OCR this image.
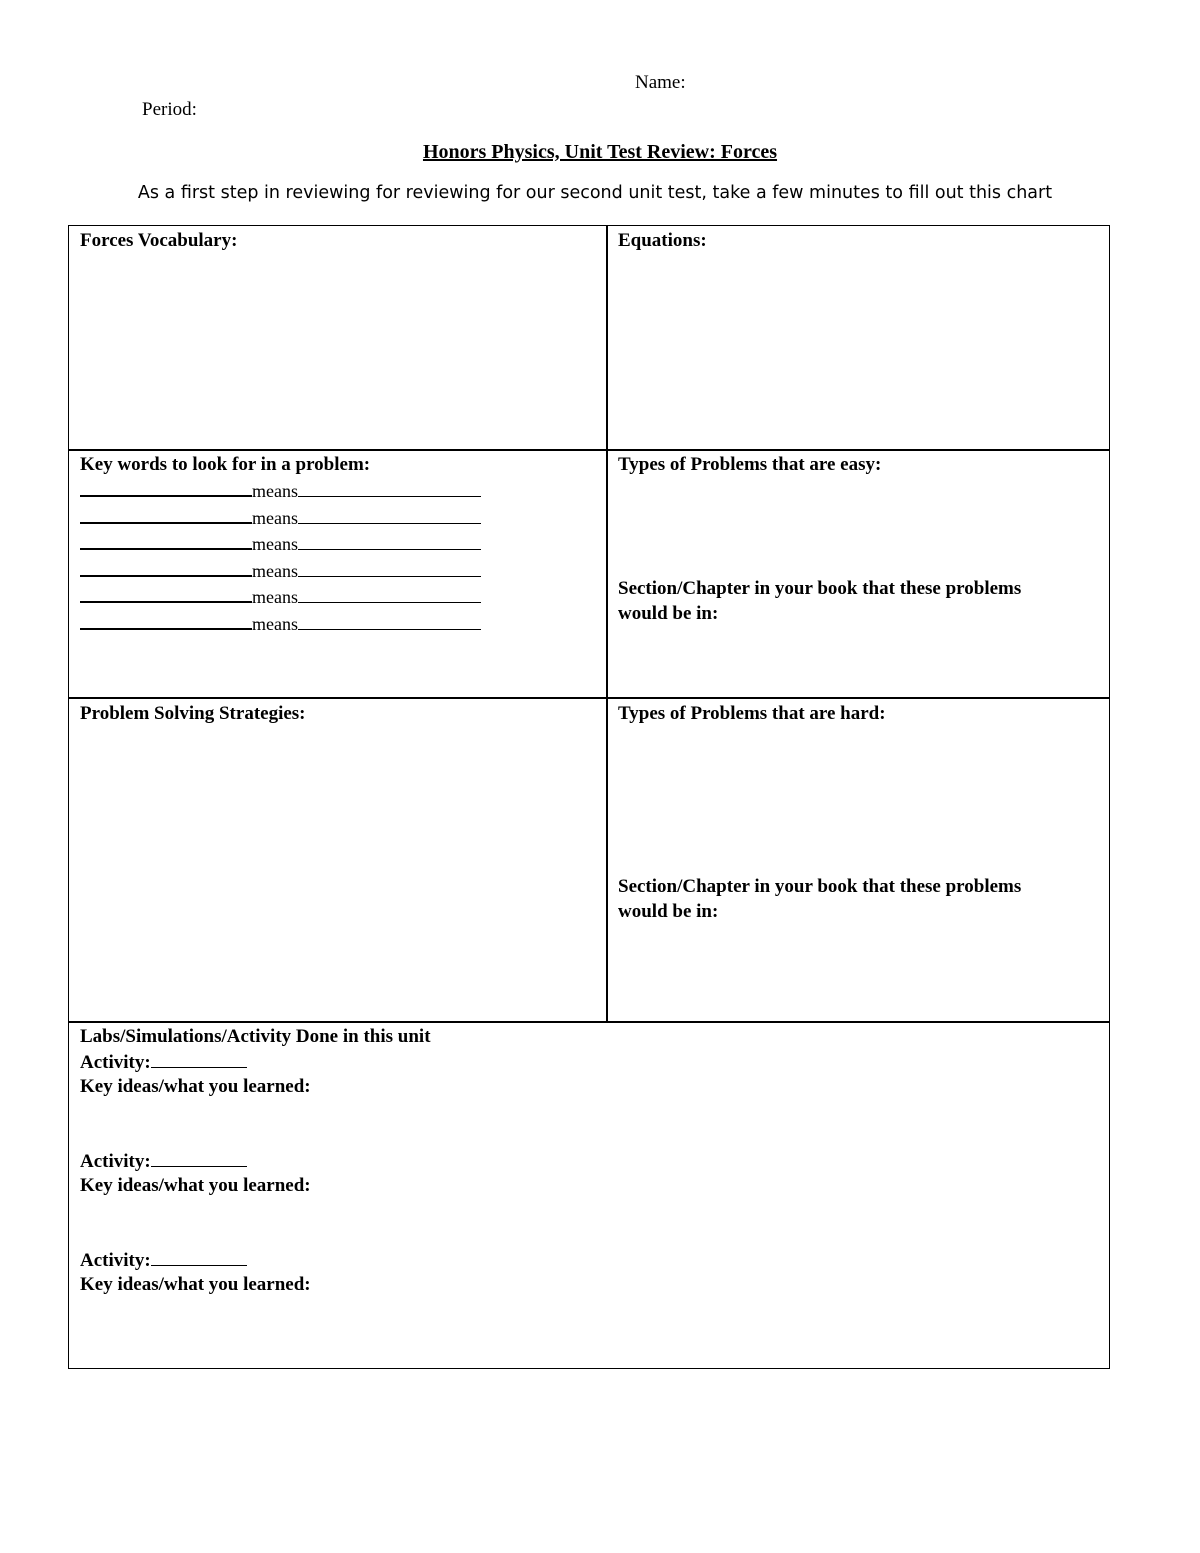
Name:
Period:
Honors Physics, Unit Test Review: Forces
As a first step in reviewing for reviewing for our second unit test, take a few minutes to fill out this chart
Forces Vocabulary:	Equations:
Key words to look for in a problem:
means
means
means
means
means
means
Types of Problems that are easy:
Section/Chapter in your book that these problems
would be in:
Problem Solving Strategies:	Types of Problems that are hard:
Section/Chapter in your book that these problems
would be in:
Labs/Simulations/Activity Done in this unit
Activity:
Key ideas/what you learned:
Activity:
Key ideas/what you learned:
Activity:
Key ideas/what you learned:
